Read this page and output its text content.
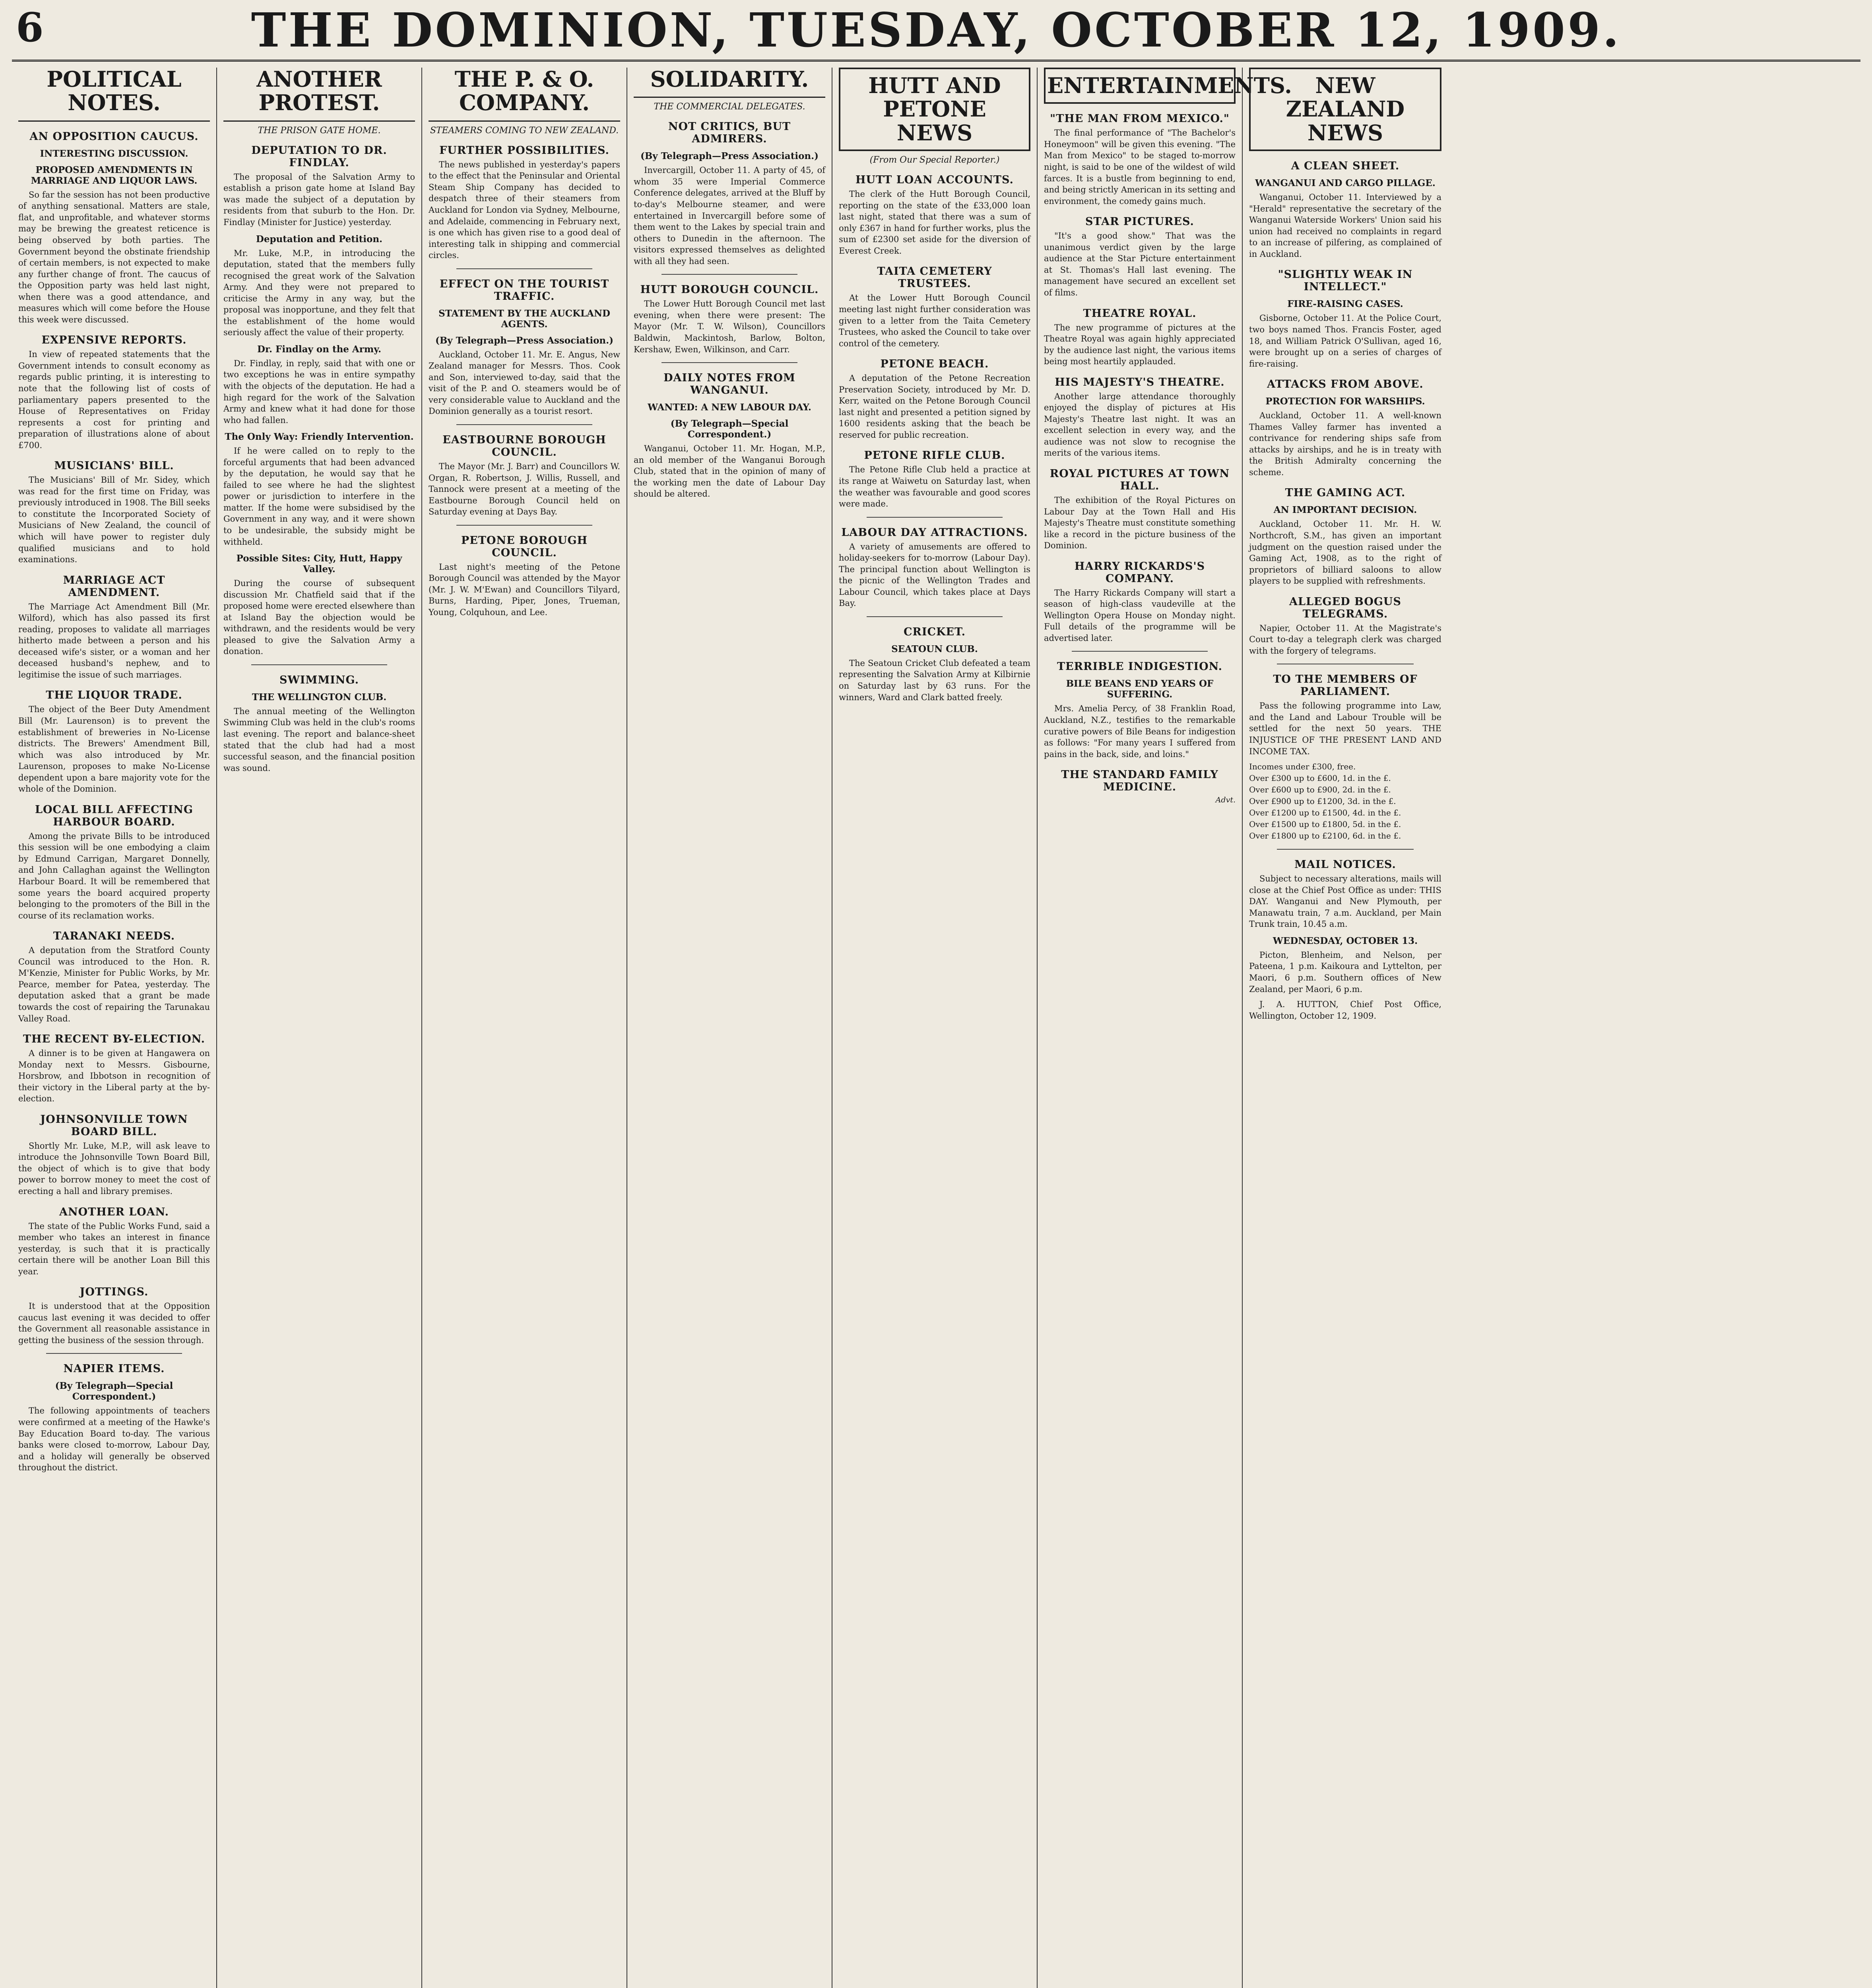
6	THE DOMINION, TUESDAY, OCTOBER 12, 1909.
POLITICAL NOTES.
AN OPPOSITION CAUCUS.
INTERESTING DISCUSSION.
PROPOSED AMENDMENTS IN MARRIAGE AND LIQUOR LAWS.

So far the session has not been productive of anything sensational. Matters are stale, flat, and unprofitable, and whatever storms may be brewing the greatest reticence is being observed by both parties. The Government beyond the obstinate friendship of certain members, is not expected to make any further change of front. The caucus of the Opposition party was held last night, when there was a good attendance, and measures which will come before the House this week were discussed.

EXPENSIVE REPORTS.

In view of repeated statements that the Government intends to consult economy as regards public printing, it is interesting to note that the following list of costs of parliamentary papers presented to the House of Representatives on Friday represents a cost for printing and preparation of illustrations alone of about £700.

MUSICIANS' BILL.

The Musicians' Bill of Mr. Sidey, which was read for the first time on Friday, was previously introduced in 1908. The Bill seeks to constitute the Incorporated Society of Musicians of New Zealand, the council of which will have power to register duly qualified musicians and to hold examinations.

MARRIAGE ACT AMENDMENT.

The Marriage Act Amendment Bill (Mr. Wilford), which has also passed its first reading, proposes to validate all marriages hitherto made between a person and his deceased wife's sister, or a woman and her deceased husband's nephew, and to legitimise the issue of such marriages.

THE LIQUOR TRADE.

The object of the Beer Duty Amendment Bill (Mr. Laurenson) is to prevent the establishment of breweries in No-License districts. The Brewers' Amendment Bill, which was also introduced by Mr. Laurenson, proposes to make No-License dependent upon a bare majority vote for the whole of the Dominion.

LOCAL BILL AFFECTING HARBOUR BOARD.

Among the private Bills to be introduced this session will be one embodying a claim by Edmund Carrigan, Margaret Donnelly, and John Callaghan against the Wellington Harbour Board. It will be remembered that some years the board acquired property belonging to the promoters of the Bill in the course of its reclamation works.

TARANAKI NEEDS.

A deputation from the Stratford County Council was introduced to the Hon. R. M'Kenzie, Minister for Public Works, by Mr. Pearce, member for Patea, yesterday. The deputation asked that a grant be made towards the cost of repairing the Tarunakau Valley Road.

THE RECENT BY-ELECTION.

A dinner is to be given at Hangawera on Monday next to Messrs. Gisbourne, Horsbrow, and Ibbotson in recognition of their victory in the Liberal party at the by-election.

JOHNSONVILLE TOWN BOARD BILL.

Shortly Mr. Luke, M.P., will ask leave to introduce the Johnsonville Town Board Bill, the object of which is to give that body power to borrow money to meet the cost of erecting a hall and library premises.

ANOTHER LOAN.

The state of the Public Works Fund, said a member who takes an interest in finance yesterday, is such that it is practically certain there will be another Loan Bill this year.

JOTTINGS.

It is understood that at the Opposition caucus last evening it was decided to offer the Government all reasonable assistance in getting the business of the session through.

NAPIER ITEMS.
(By Telegraph—Special Correspondent.)

The following appointments of teachers were confirmed at a meeting of the Hawke's Bay Education Board to-day. The various banks were closed to-morrow, Labour Day, and a holiday will generally be observed throughout the district.

ANOTHER PROTEST.
THE PRISON GATE HOME.
DEPUTATION TO DR. FINDLAY.

The proposal of the Salvation Army to establish a prison gate home at Island Bay was made the subject of a deputation by residents from that suburb to the Hon. Dr. Findlay (Minister for Justice) yesterday.

Deputation and Petition.

Mr. Luke, M.P., in introducing the deputation, stated that the members fully recognised the great work of the Salvation Army. And they were not prepared to criticise the Army in any way, but the proposal was inopportune, and they felt that the establishment of the home would seriously affect the value of their property.

Dr. Findlay on the Army.

Dr. Findlay, in reply, said that with one or two exceptions he was in entire sympathy with the objects of the deputation. He had a high regard for the work of the Salvation Army and knew what it had done for those who had fallen.

The Only Way: Friendly Intervention.

If he were called on to reply to the forceful arguments that had been advanced by the deputation, he would say that he failed to see where he had the slightest power or jurisdiction to interfere in the matter. If the home were subsidised by the Government in any way, and it were shown to be undesirable, the subsidy might be withheld.

Possible Sites: City, Hutt, Happy Valley.

During the course of subsequent discussion Mr. Chatfield said that if the proposed home were erected elsewhere than at Island Bay the objection would be withdrawn, and the residents would be very pleased to give the Salvation Army a donation.

SWIMMING.
THE WELLINGTON CLUB.

The annual meeting of the Wellington Swimming Club was held in the club's rooms last evening. The report and balance-sheet stated that the club had had a most successful season, and the financial position was sound.

THE P. & O. COMPANY.
STEAMERS COMING TO NEW ZEALAND.
FURTHER POSSIBILITIES.

The news published in yesterday's papers to the effect that the Peninsular and Oriental Steam Ship Company has decided to despatch three of their steamers from Auckland for London via Sydney, Melbourne, and Adelaide, commencing in February next, is one which has given rise to a good deal of interesting talk in shipping and commercial circles.

EFFECT ON THE TOURIST TRAFFIC.
STATEMENT BY THE AUCKLAND AGENTS.
(By Telegraph—Press Association.)

Auckland, October 11. Mr. E. Angus, New Zealand manager for Messrs. Thos. Cook and Son, interviewed to-day, said that the visit of the P. and O. steamers would be of very considerable value to Auckland and the Dominion generally as a tourist resort.

EASTBOURNE BOROUGH COUNCIL.

The Mayor (Mr. J. Barr) and Councillors W. Organ, R. Robertson, J. Willis, Russell, and Tannock were present at a meeting of the Eastbourne Borough Council held on Saturday evening at Days Bay.

PETONE BOROUGH COUNCIL.

Last night's meeting of the Petone Borough Council was attended by the Mayor (Mr. J. W. M'Ewan) and Councillors Tilyard, Burns, Harding, Piper, Jones, Trueman, Young, Colquhoun, and Lee.

SOLIDARITY.
THE COMMERCIAL DELEGATES.
NOT CRITICS, BUT ADMIRERS.
(By Telegraph—Press Association.)

Invercargill, October 11. A party of 45, of whom 35 were Imperial Commerce Conference delegates, arrived at the Bluff by to-day's Melbourne steamer, and were entertained in Invercargill before some of them went to the Lakes by special train and others to Dunedin in the afternoon. The visitors expressed themselves as delighted with all they had seen.

HUTT BOROUGH COUNCIL.

The Lower Hutt Borough Council met last evening, when there were present: The Mayor (Mr. T. W. Wilson), Councillors Baldwin, Mackintosh, Barlow, Bolton, Kershaw, Ewen, Wilkinson, and Carr.

DAILY NOTES FROM WANGANUI.
WANTED: A NEW LABOUR DAY.
(By Telegraph—Special Correspondent.)

Wanganui, October 11. Mr. Hogan, M.P., an old member of the Wanganui Borough Club, stated that in the opinion of many of the working men the date of Labour Day should be altered.

HUTT AND PETONE NEWS
(From Our Special Reporter.)
HUTT LOAN ACCOUNTS.

The clerk of the Hutt Borough Council, reporting on the state of the £33,000 loan last night, stated that there was a sum of only £367 in hand for further works, plus the sum of £2300 set aside for the diversion of Everest Creek.

TAITA CEMETERY TRUSTEES.

At the Lower Hutt Borough Council meeting last night further consideration was given to a letter from the Taita Cemetery Trustees, who asked the Council to take over control of the cemetery.

PETONE BEACH.

A deputation of the Petone Recreation Preservation Society, introduced by Mr. D. Kerr, waited on the Petone Borough Council last night and presented a petition signed by 1600 residents asking that the beach be reserved for public recreation.

PETONE RIFLE CLUB.

The Petone Rifle Club held a practice at its range at Waiwetu on Saturday last, when the weather was favourable and good scores were made.

LABOUR DAY ATTRACTIONS.

A variety of amusements are offered to holiday-seekers for to-morrow (Labour Day). The principal function about Wellington is the picnic of the Wellington Trades and Labour Council, which takes place at Days Bay.

CRICKET.
SEATOUN CLUB.

The Seatoun Cricket Club defeated a team representing the Salvation Army at Kilbirnie on Saturday last by 63 runs. For the winners, Ward and Clark batted freely.

ENTERTAINMENTS.
"THE MAN FROM MEXICO."

The final performance of "The Bachelor's Honeymoon" will be given this evening. "The Man from Mexico" to be staged to-morrow night, is said to be one of the wildest of wild farces. It is a bustle from beginning to end, and being strictly American in its setting and environment, the comedy gains much.

STAR PICTURES.

"It's a good show." That was the unanimous verdict given by the large audience at the Star Picture entertainment at St. Thomas's Hall last evening. The management have secured an excellent set of films.

THEATRE ROYAL.

The new programme of pictures at the Theatre Royal was again highly appreciated by the audience last night, the various items being most heartily applauded.

HIS MAJESTY'S THEATRE.

Another large attendance thoroughly enjoyed the display of pictures at His Majesty's Theatre last night. It was an excellent selection in every way, and the audience was not slow to recognise the merits of the various items.

ROYAL PICTURES AT TOWN HALL.

The exhibition of the Royal Pictures on Labour Day at the Town Hall and His Majesty's Theatre must constitute something like a record in the picture business of the Dominion.

HARRY RICKARDS'S COMPANY.

The Harry Rickards Company will start a season of high-class vaudeville at the Wellington Opera House on Monday night. Full details of the programme will be advertised later.

TERRIBLE INDIGESTION.
BILE BEANS END YEARS OF SUFFERING.

Mrs. Amelia Percy, of 38 Franklin Road, Auckland, N.Z., testifies to the remarkable curative powers of Bile Beans for indigestion as follows: "For many years I suffered from pains in the back, side, and loins."

THE STANDARD FAMILY MEDICINE.
Advt.
NEW ZEALAND NEWS
A CLEAN SHEET.
WANGANUI AND CARGO PILLAGE.

Wanganui, October 11. Interviewed by a "Herald" representative the secretary of the Wanganui Waterside Workers' Union said his union had received no complaints in regard to an increase of pilfering, as complained of in Auckland.

"SLIGHTLY WEAK IN INTELLECT."
FIRE-RAISING CASES.

Gisborne, October 11. At the Police Court, two boys named Thos. Francis Foster, aged 18, and William Patrick O'Sullivan, aged 16, were brought up on a series of charges of fire-raising.

ATTACKS FROM ABOVE.
PROTECTION FOR WARSHIPS.

Auckland, October 11. A well-known Thames Valley farmer has invented a contrivance for rendering ships safe from attacks by airships, and he is in treaty with the British Admiralty concerning the scheme.

THE GAMING ACT.
AN IMPORTANT DECISION.

Auckland, October 11. Mr. H. W. Northcroft, S.M., has given an important judgment on the question raised under the Gaming Act, 1908, as to the right of proprietors of billiard saloons to allow players to be supplied with refreshments.

ALLEGED BOGUS TELEGRAMS.

Napier, October 11. At the Magistrate's Court to-day a telegraph clerk was charged with the forgery of telegrams.

TO THE MEMBERS OF PARLIAMENT.

Pass the following programme into Law, and the Land and Labour Trouble will be settled for the next 50 years. THE INJUSTICE OF THE PRESENT LAND AND INCOME TAX.

Incomes under £300, free.
Over £300 up to £600, 1d. in the £.
Over £600 up to £900, 2d. in the £.
Over £900 up to £1200, 3d. in the £.
Over £1200 up to £1500, 4d. in the £.
Over £1500 up to £1800, 5d. in the £.
Over £1800 up to £2100, 6d. in the £.
MAIL NOTICES.

Subject to necessary alterations, mails will close at the Chief Post Office as under: THIS DAY. Wanganui and New Plymouth, per Manawatu train, 7 a.m. Auckland, per Main Trunk train, 10.45 a.m.

WEDNESDAY, OCTOBER 13.

Picton, Blenheim, and Nelson, per Pateena, 1 p.m. Kaikoura and Lyttelton, per Maori, 6 p.m. Southern offices of New Zealand, per Maori, 6 p.m.

J. A. HUTTON, Chief Post Office, Wellington, October 12, 1909.
